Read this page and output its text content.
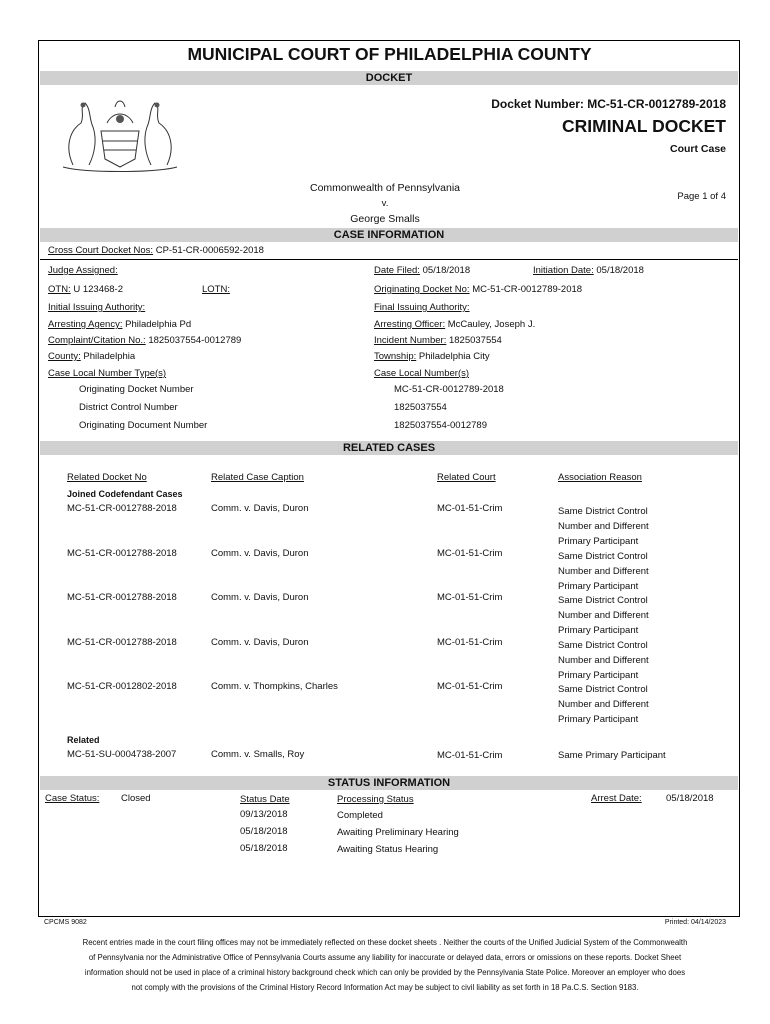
MUNICIPAL COURT OF PHILADELPHIA COUNTY
DOCKET
Docket Number: MC-51-CR-0012789-2018
CRIMINAL DOCKET
Court Case
Commonwealth of Pennsylvania
v.
George Smalls
Page 1 of 4
CASE INFORMATION
Cross Court Docket Nos: CP-51-CR-0006592-2018
Judge Assigned:	Date Filed: 05/18/2018	Initiation Date: 05/18/2018
OTN: U 123468-2	LOTN:	Originating Docket No: MC-51-CR-0012789-2018
Initial Issuing Authority:	Final Issuing Authority:
Arresting Agency: Philadelphia Pd	Arresting Officer: McCauley, Joseph J.
Complaint/Citation No.: 1825037554-0012789	Incident Number: 1825037554
County: Philadelphia	Township: Philadelphia City
Case Local Number Type(s)	Case Local Number(s)
Originating Docket Number	MC-51-CR-0012789-2018
District Control Number	1825037554
Originating Document Number	1825037554-0012789
RELATED CASES
Related Docket No	Related Case Caption	Related Court	Association Reason
Joined Codefendant Cases
MC-51-CR-0012788-2018	Comm. v. Davis, Duron	MC-01-51-Crim	Same District Control
Number and Different
Primary Participant
MC-51-CR-0012788-2018	Comm. v. Davis, Duron	MC-01-51-Crim	Same District Control
Number and Different
Primary Participant
MC-51-CR-0012788-2018	Comm. v. Davis, Duron	MC-01-51-Crim	Same District Control
Number and Different
Primary Participant
MC-51-CR-0012788-2018	Comm. v. Davis, Duron	MC-01-51-Crim	Same District Control
Number and Different
Primary Participant
MC-51-CR-0012802-2018	Comm. v. Thompkins, Charles	MC-01-51-Crim	Same District Control
Number and Different
Primary Participant
Related
MC-51-SU-0004738-2007	Comm. v. Smalls, Roy	MC-01-51-Crim	Same Primary Participant
STATUS INFORMATION
Case Status: Closed	Status Date	Processing Status	Arrest Date:	05/18/2018
09/13/2018	Completed
05/18/2018	Awaiting Preliminary Hearing
05/18/2018	Awaiting Status Hearing
CPCMS 9082	Printed: 04/14/2023
Recent entries made in the court filing offices may not be immediately reflected on these docket sheets . Neither the courts of the Unified Judicial System of the Commonwealth of Pennsylvania nor the Administrative Office of Pennsylvania Courts assume any liability for inaccurate or delayed data, errors or omissions on these reports. Docket Sheet information should not be used in place of a criminal history background check which can only be provided by the Pennsylvania State Police. Moreover an employer who does not comply with the provisions of the Criminal History Record Information Act may be subject to civil liability as set forth in 18 Pa.C.S. Section 9183.
